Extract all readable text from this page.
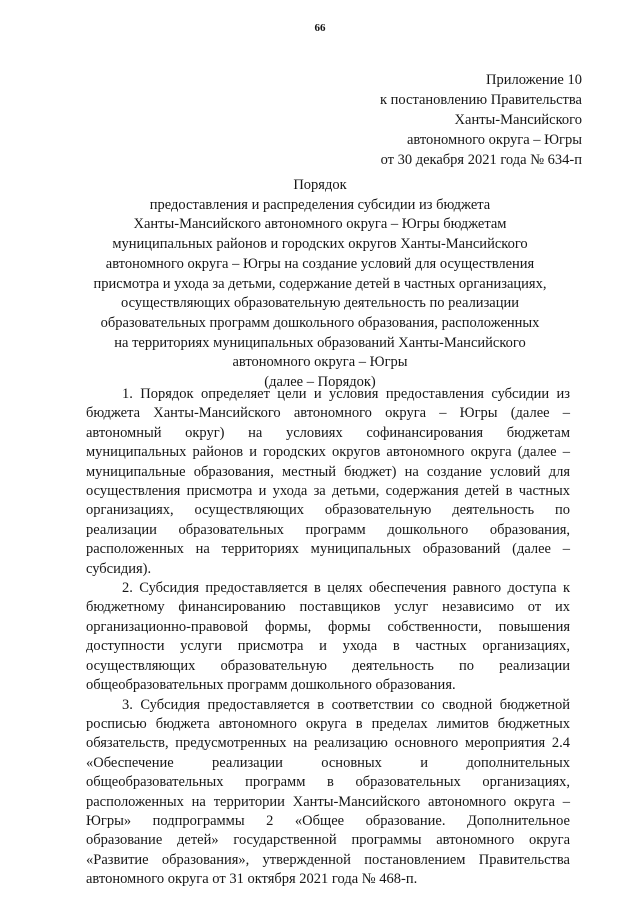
66
Приложение 10
к постановлению Правительства
Ханты-Мансийского
автономного округа – Югры
от 30 декабря 2021 года № 634-п
Порядок
предоставления и распределения субсидии из бюджета
Ханты-Мансийского автономного округа – Югры бюджетам
муниципальных районов и городских округов Ханты-Мансийского
автономного округа – Югры на создание условий для осуществления
присмотра и ухода за детьми, содержание детей в частных организациях,
осуществляющих образовательную деятельность по реализации
образовательных программ дошкольного образования, расположенных
на территориях муниципальных образований Ханты-Мансийского
автономного округа – Югры
(далее – Порядок)
1. Порядок определяет цели и условия предоставления субсидии из
бюджета Ханты-Мансийского автономного округа – Югры (далее –
автономный округ) на условиях софинансирования бюджетам
муниципальных районов и городских округов автономного округа (далее –
муниципальные образования, местный бюджет) на создание условий для
осуществления присмотра и ухода за детьми, содержания детей в частных
организациях, осуществляющих образовательную деятельность по
реализации образовательных программ дошкольного образования,
расположенных на территориях муниципальных образований (далее –
субсидия).
2. Субсидия предоставляется в целях обеспечения равного доступа к
бюджетному финансированию поставщиков услуг независимо от их
организационно-правовой формы, формы собственности, повышения
доступности услуги присмотра и ухода в частных организациях,
осуществляющих образовательную деятельность по реализации
общеобразовательных программ дошкольного образования.
3. Субсидия предоставляется в соответствии со сводной бюджетной
росписью бюджета автономного округа в пределах лимитов бюджетных
обязательств, предусмотренных на реализацию основного мероприятия 2.4
«Обеспечение реализации основных и дополнительных
общеобразовательных программ в образовательных организациях,
расположенных на территории Ханты-Мансийского автономного округа –
Югры» подпрограммы 2 «Общее образование. Дополнительное
образование детей» государственной программы автономного округа
«Развитие образования», утвержденной постановлением Правительства
автономного округа от 31 октября 2021 года № 468-п.
